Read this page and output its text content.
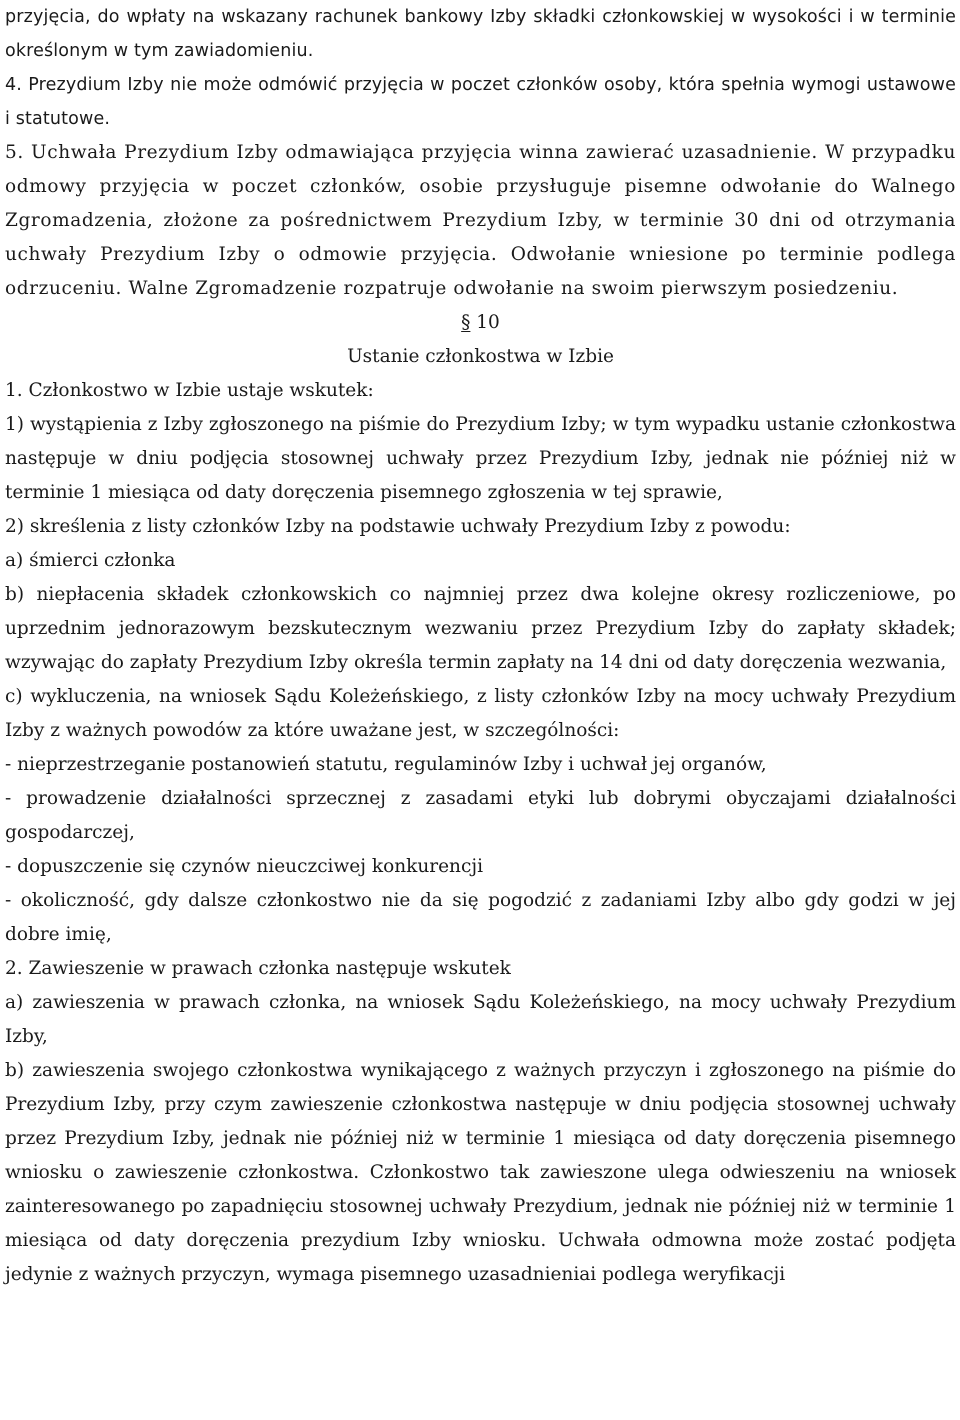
przyjęcia, do wpłaty na wskazany rachunek bankowy Izby składki członkowskiej w wysokości i w terminie określonym w tym zawiadomieniu.

4. Prezydium Izby nie może odmówić przyjęcia w poczet członków osoby, która spełnia wymogi ustawowe i statutowe.

5. Uchwała Prezydium Izby odmawiająca przyjęcia winna zawierać uzasadnienie. W przypadku odmowy przyjęcia w poczet członków, osobie przysługuje pisemne odwołanie do Walnego Zgromadzenia, złożone za pośrednictwem Prezydium Izby, w terminie 30 dni od otrzymania uchwały Prezydium Izby o odmowie przyjęcia. Odwołanie wniesione po terminie podlega odrzuceniu. Walne Zgromadzenie rozpatruje odwołanie na swoim pierwszym posiedzeniu.

§ 10

Ustanie członkostwa w Izbie

1. Członkostwo w Izbie ustaje wskutek:

1) wystąpienia z Izby zgłoszonego na piśmie do Prezydium Izby; w tym wypadku ustanie członkostwa następuje w dniu podjęcia stosownej uchwały przez Prezydium Izby, jednak nie później niż w terminie 1 miesiąca od daty doręczenia pisemnego zgłoszenia w tej sprawie,

2) skreślenia z listy członków Izby na podstawie uchwały Prezydium Izby z powodu:

a) śmierci członka

b) niepłacenia składek członkowskich co najmniej przez dwa kolejne okresy rozliczeniowe, po uprzednim jednorazowym bezskutecznym wezwaniu przez Prezydium Izby do zapłaty składek; wzywając do zapłaty Prezydium Izby określa termin zapłaty na 14 dni od daty doręczenia wezwania,

c) wykluczenia, na wniosek Sądu Koleżeńskiego, z listy członków Izby na mocy uchwały Prezydium Izby z ważnych powodów za które uważane jest, w szczególności:

- nieprzestrzeganie postanowień statutu, regulaminów Izby i uchwał jej organów,

- prowadzenie działalności sprzecznej z zasadami etyki lub dobrymi obyczajami działalności gospodarczej,

- dopuszczenie się czynów nieuczciwej konkurencji

- okoliczność, gdy dalsze członkostwo nie da się pogodzić z zadaniami Izby albo gdy godzi w jej dobre imię,

2. Zawieszenie w prawach członka następuje wskutek

a) zawieszenia w prawach członka, na wniosek Sądu Koleżeńskiego, na mocy uchwały Prezydium Izby,

b) zawieszenia swojego członkostwa wynikającego z ważnych przyczyn i zgłoszonego na piśmie do Prezydium Izby, przy czym zawieszenie członkostwa następuje w dniu podjęcia stosownej uchwały przez Prezydium Izby, jednak nie później niż w terminie 1 miesiąca od daty doręczenia pisemnego wniosku o zawieszenie członkostwa. Członkostwo tak zawieszone ulega odwieszeniu na wniosek zainteresowanego po zapadnięciu stosownej uchwały Prezydium, jednak nie później niż w terminie 1 miesiąca od daty doręczenia prezydium Izby wniosku. Uchwała odmowna może zostać podjęta jedynie z ważnych przyczyn, wymaga pisemnego uzasadnieniai podlega weryfikacji
